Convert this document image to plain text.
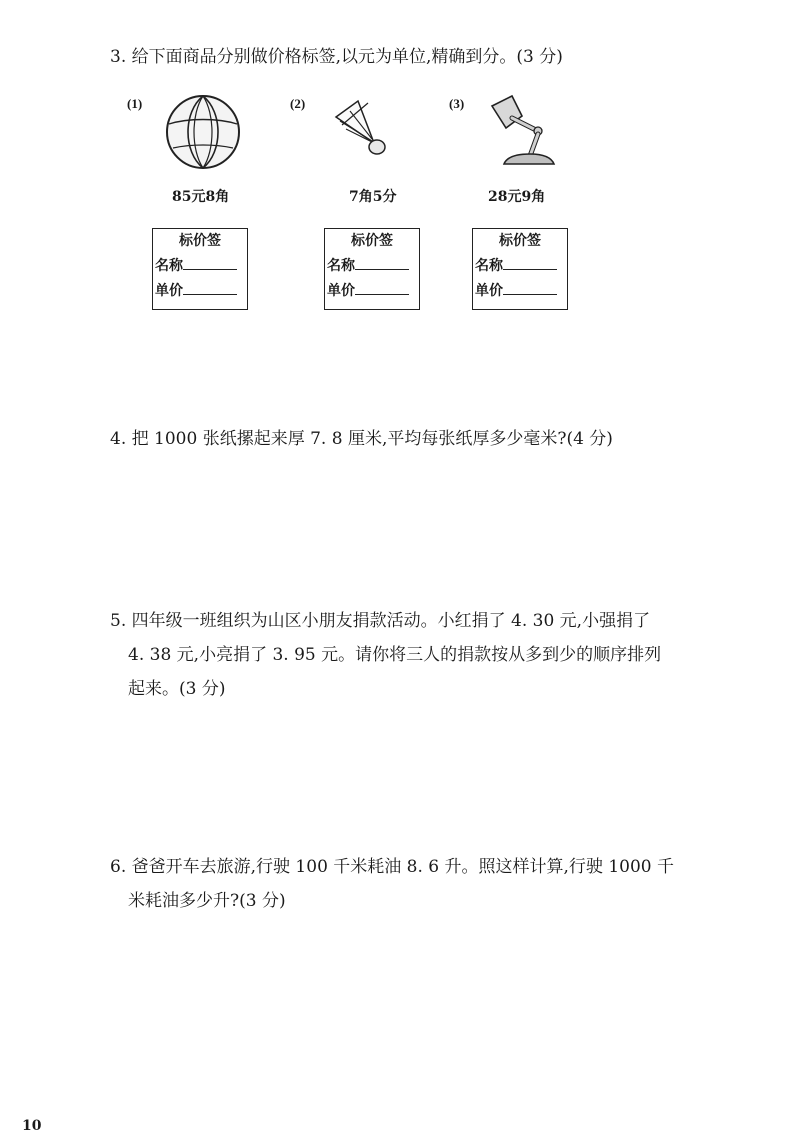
3. 给下面商品分别做价格标签,以元为单位,精确到分。(3 分)

(1)
85元8角
(2)
7角5分
(3)
28元9角
标价签
名称
单价
标价签
名称
单价
标价签
名称
单价

4. 把 1000 张纸摞起来厚 7. 8 厘米,平均每张纸厚多少毫米?(4 分)

5. 四年级一班组织为山区小朋友捐款活动。小红捐了 4. 30 元,小强捐了
4. 38 元,小亮捐了 3. 95 元。请你将三人的捐款按从多到少的顺序排列
起来。(3 分)
6. 爸爸开车去旅游,行驶 100 千米耗油 8. 6 升。照这样计算,行驶 1000 千
米耗油多少升?(3 分)
10
